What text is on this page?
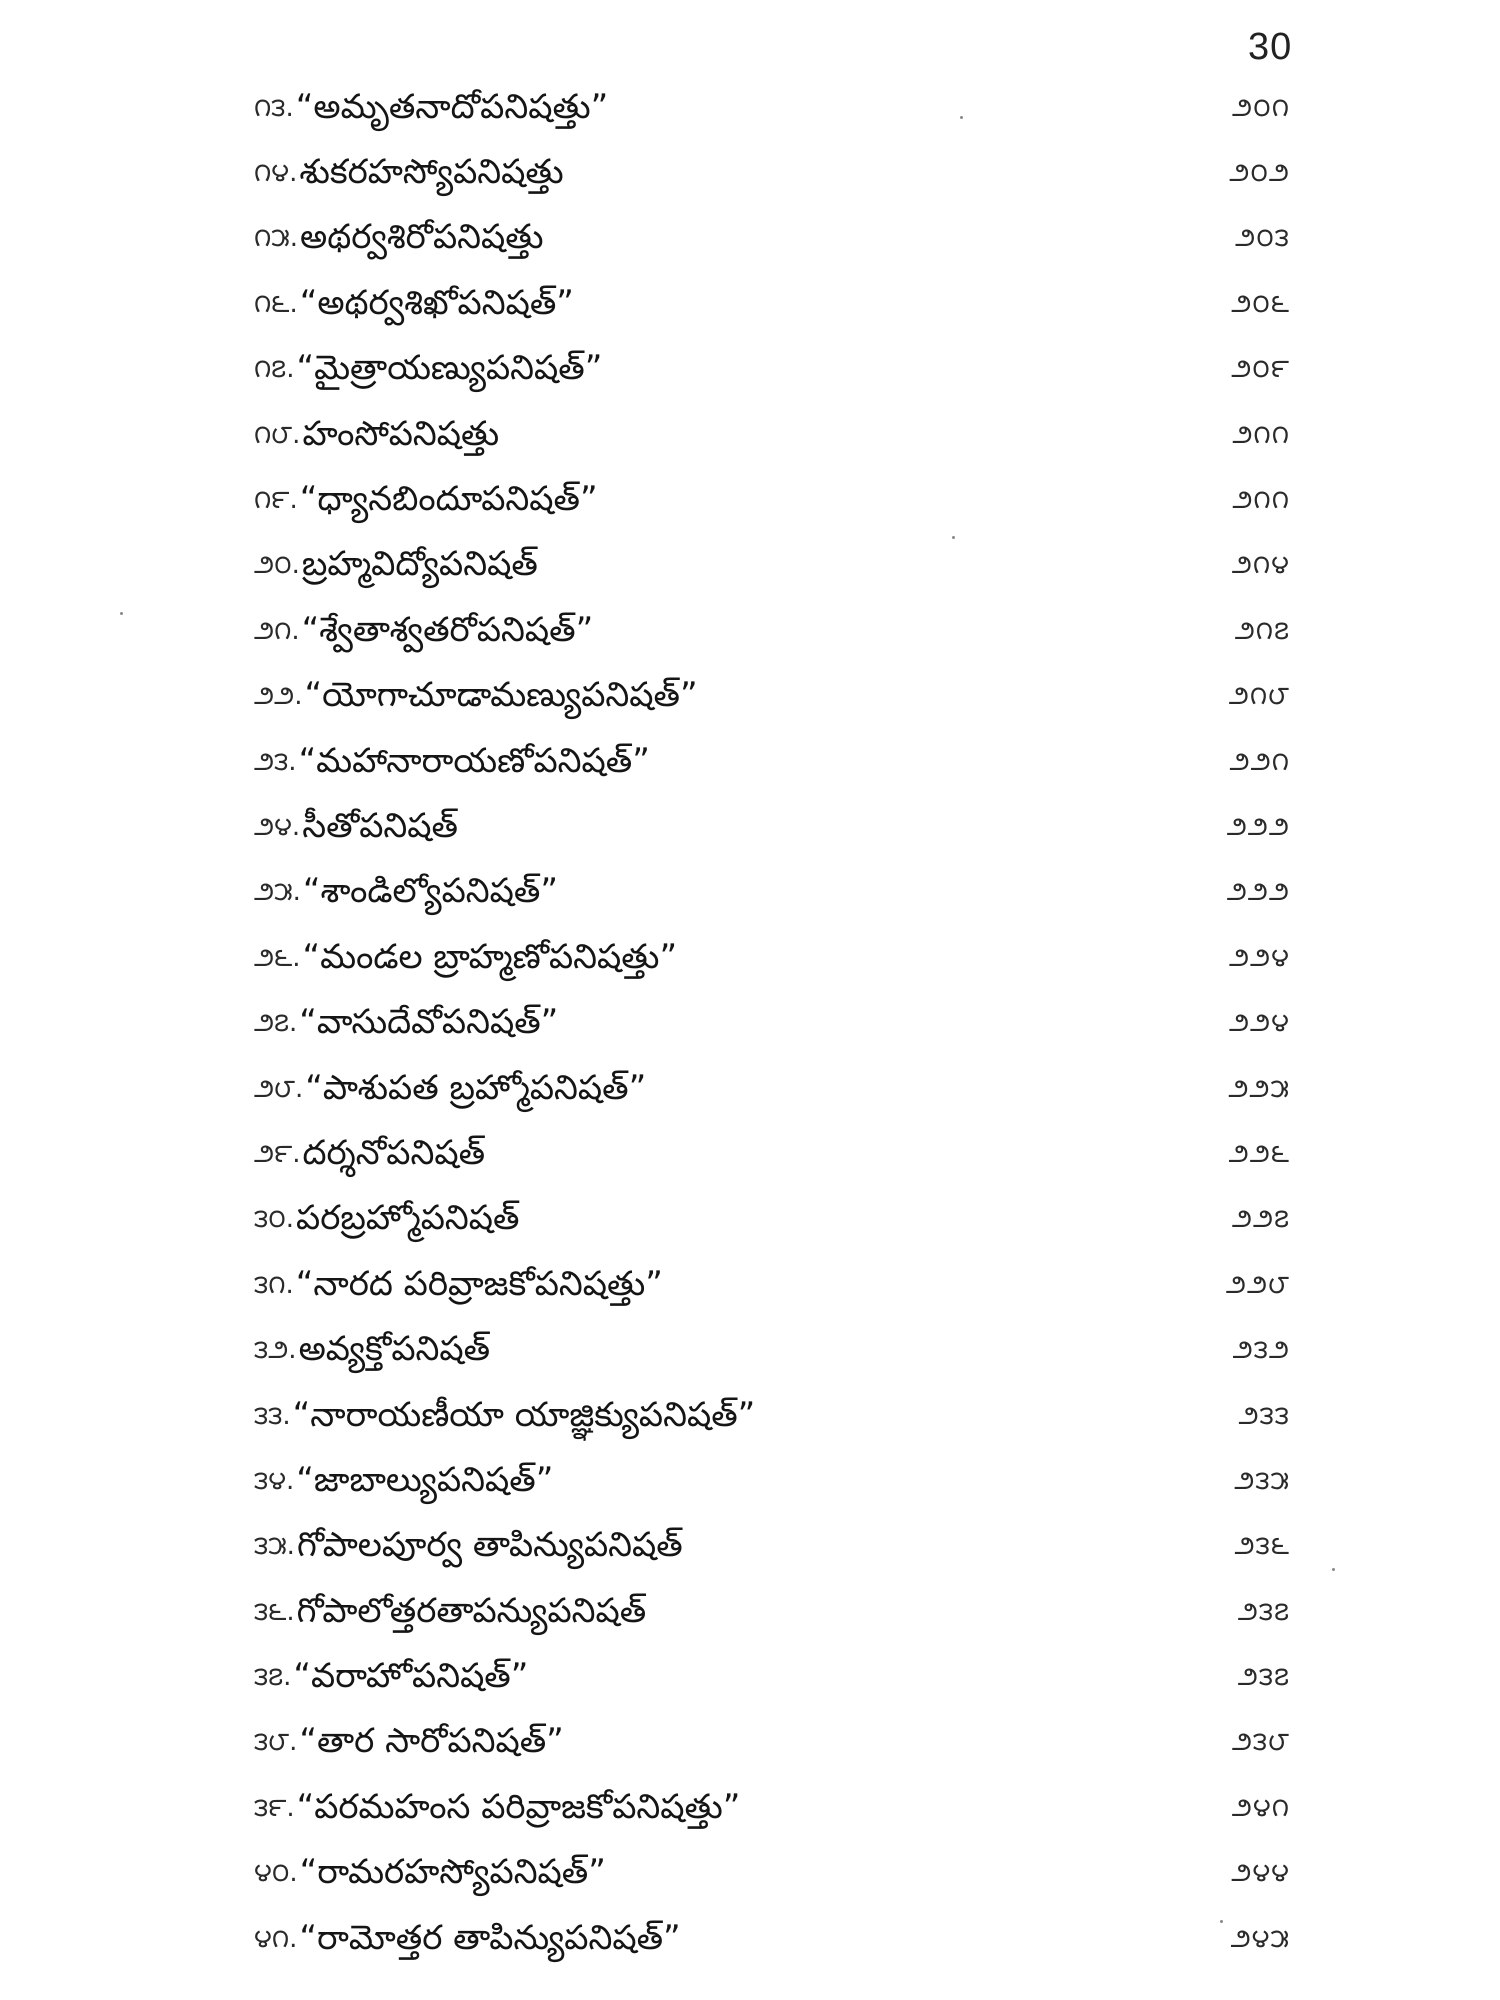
30
౧౩. “అమృతనాదోపనిషత్తు”	౨౦౧
౧౪. శుకరహస్యోపనిషత్తు	౨౦౨
౧౫. అథర్వశిరోపనిషత్తు	౨౦౩
౧౬. “అథర్వశిఖోపనిషత్”	౨౦౬
౧౭. “మైత్రాయణ్యుపనిషత్”	౨౦౯
౧౮. హంసోపనిషత్తు	౨౧౧
౧౯. “ధ్యానబిందూపనిషత్”	౨౧౧
౨౦. బ్రహ్మవిద్యోపనిషత్	౨౧౪
౨౧. “శ్వేతాశ్వతరోపనిషత్”	౨౧౭
౨౨. “యోగాచూడామణ్యుపనిషత్”	౨౧౮
౨౩. “మహానారాయణోపనిషత్”	౨౨౧
౨౪. సీతోపనిషత్	౨౨౨
౨౫. “శాండిల్యోపనిషత్”	౨౨౨
౨౬. “మండల బ్రాహ్మణోపనిషత్తు”	౨౨౪
౨౭. “వాసుదేవోపనిషత్”	౨౨౪
౨౮. “పాశుపత బ్రహ్మోపనిషత్”	౨౨౫
౨౯. దర్శనోపనిషత్	౨౨౬
౩౦. పరబ్రహ్మోపనిషత్	౨౨౭
౩౧. “నారద పరివ్రాజకోపనిషత్తు”	౨౨౮
౩౨. అవ్యక్తోపనిషత్	౨౩౨
౩౩. “నారాయణీయా యాజ్ఞిక్యుపనిషత్”	౨౩౩
౩౪. “జాబాల్యుపనిషత్”	౨౩౫
౩౫. గోపాలపూర్వ తాపిన్యుపనిషత్	౨౩౬
౩౬. గోపాలోత్తరతాపన్యుపనిషత్	౨౩౭
౩౭. “వరాహోపనిషత్”	౨౩౭
౩౮. “తార సారోపనిషత్”	౨౩౮
౩౯. “పరమహంస పరివ్రాజకోపనిషత్తు”	౨౪౧
౪౦. “రామరహస్యోపనిషత్”	౨౪౪
౪౧. “రామోత్తర తాపిన్యుపనిషత్”	౨౪౫
